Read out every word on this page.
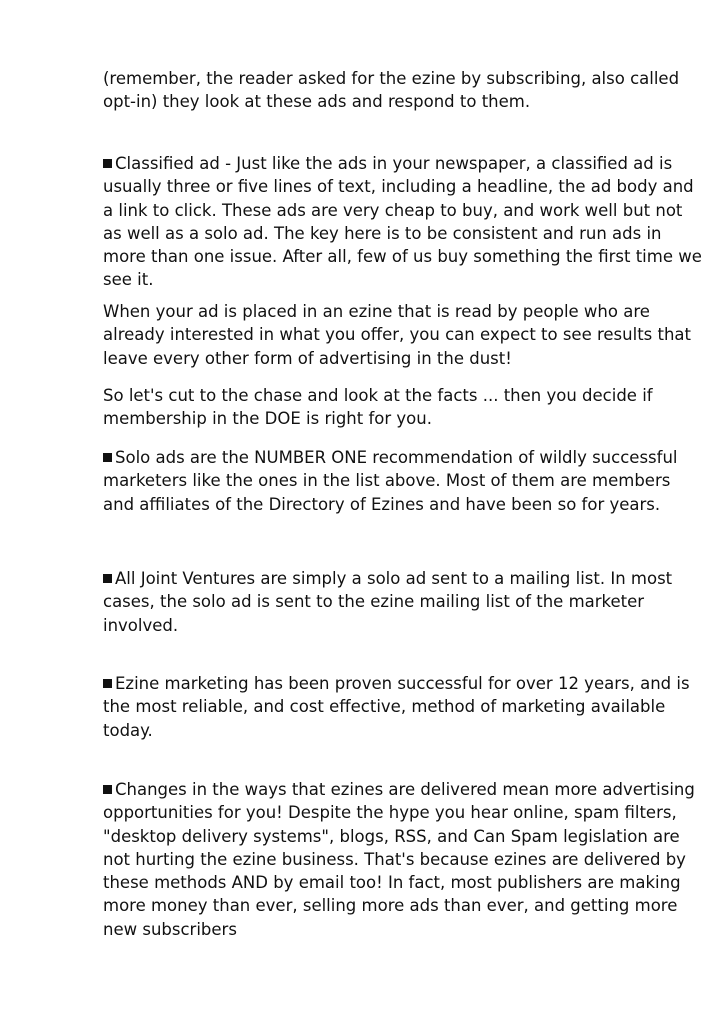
(remember, the reader asked for the ezine by subscribing, also called opt-in) they look at these ads and respond to them.

Classified ad - Just like the ads in your newspaper, a classified ad is usually three or five lines of text, including a headline, the ad body and a link to click. These ads are very cheap to buy, and work well but not as well as a solo ad. The key here is to be consistent and run ads in more than one issue. After all, few of us buy something the first time we see it.

When your ad is placed in an ezine that is read by people who are already interested in what you offer, you can expect to see results that leave every other form of advertising in the dust!

So let's cut to the chase and look at the facts ... then you decide if membership in the DOE is right for you.

Solo ads are the NUMBER ONE recommendation of wildly successful marketers like the ones in the list above. Most of them are members and affiliates of the Directory of Ezines and have been so for years.

All Joint Ventures are simply a solo ad sent to a mailing list. In most cases, the solo ad is sent to the ezine mailing list of the marketer involved.

Ezine marketing has been proven successful for over 12 years, and is the most reliable, and cost effective, method of marketing available today.

Changes in the ways that ezines are delivered mean more advertising opportunities for you! Despite the hype you hear online, spam filters, "desktop delivery systems", blogs, RSS, and Can Spam legislation are not hurting the ezine business. That's because ezines are delivered by these methods AND by email too! In fact, most publishers are making more money than ever, selling more ads than ever, and getting more new subscribers
